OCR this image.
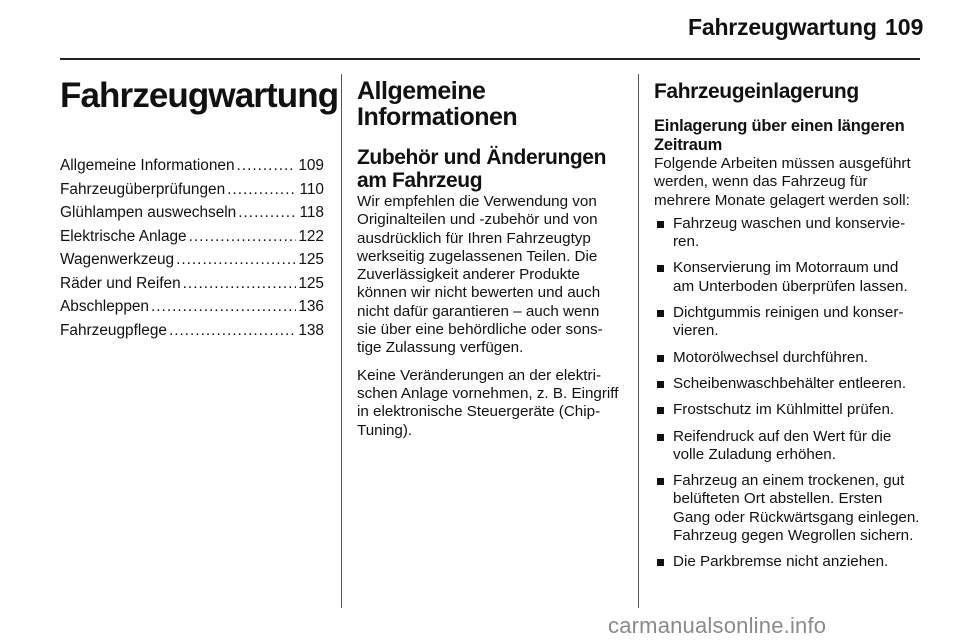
Fahrzeugwartung 109
Fahrzeugwartung
Allgemeine Informationen .....	109
Fahrzeugüberprüfungen .....	110
Glühlampen auswechseln .....	118
Elektrische Anlage .....	122
Wagenwerkzeug .....	125
Räder und Reifen .....	125
Abschleppen .....	136
Fahrzeugpflege .....	138
Allgemeine Informationen
Zubehör und Änderungen am Fahrzeug

Wir empfehlen die Verwendung von Originalteilen und -zubehör und von ausdrücklich für Ihren Fahrzeugtyp werkseitig zugelassenen Teilen. Die Zuverlässigkeit anderer Produkte können wir nicht bewerten und auch nicht dafür garantieren – auch wenn sie über eine behördliche oder sonstige Zulassung verfügen.

Keine Veränderungen an der elektrischen Anlage vornehmen, z. B. Eingriff in elektronische Steuergeräte (Chip-Tuning).

Fahrzeugeinlagerung
Einlagerung über einen längeren Zeitraum

Folgende Arbeiten müssen ausgeführt werden, wenn das Fahrzeug für mehrere Monate gelagert werden soll:

Fahrzeug waschen und konservieren.
Konservierung im Motorraum und am Unterboden überprüfen lassen.
Dichtgummis reinigen und konservieren.
Motorölwechsel durchführen.
Scheibenwaschbehälter entleeren.
Frostschutz im Kühlmittel prüfen.
Reifendruck auf den Wert für die volle Zuladung erhöhen.
Fahrzeug an einem trockenen, gut belüfteten Ort abstellen. Ersten Gang oder Rückwärtsgang einlegen. Fahrzeug gegen Wegrollen sichern.
Die Parkbremse nicht anziehen.
carmanualsonline.info
